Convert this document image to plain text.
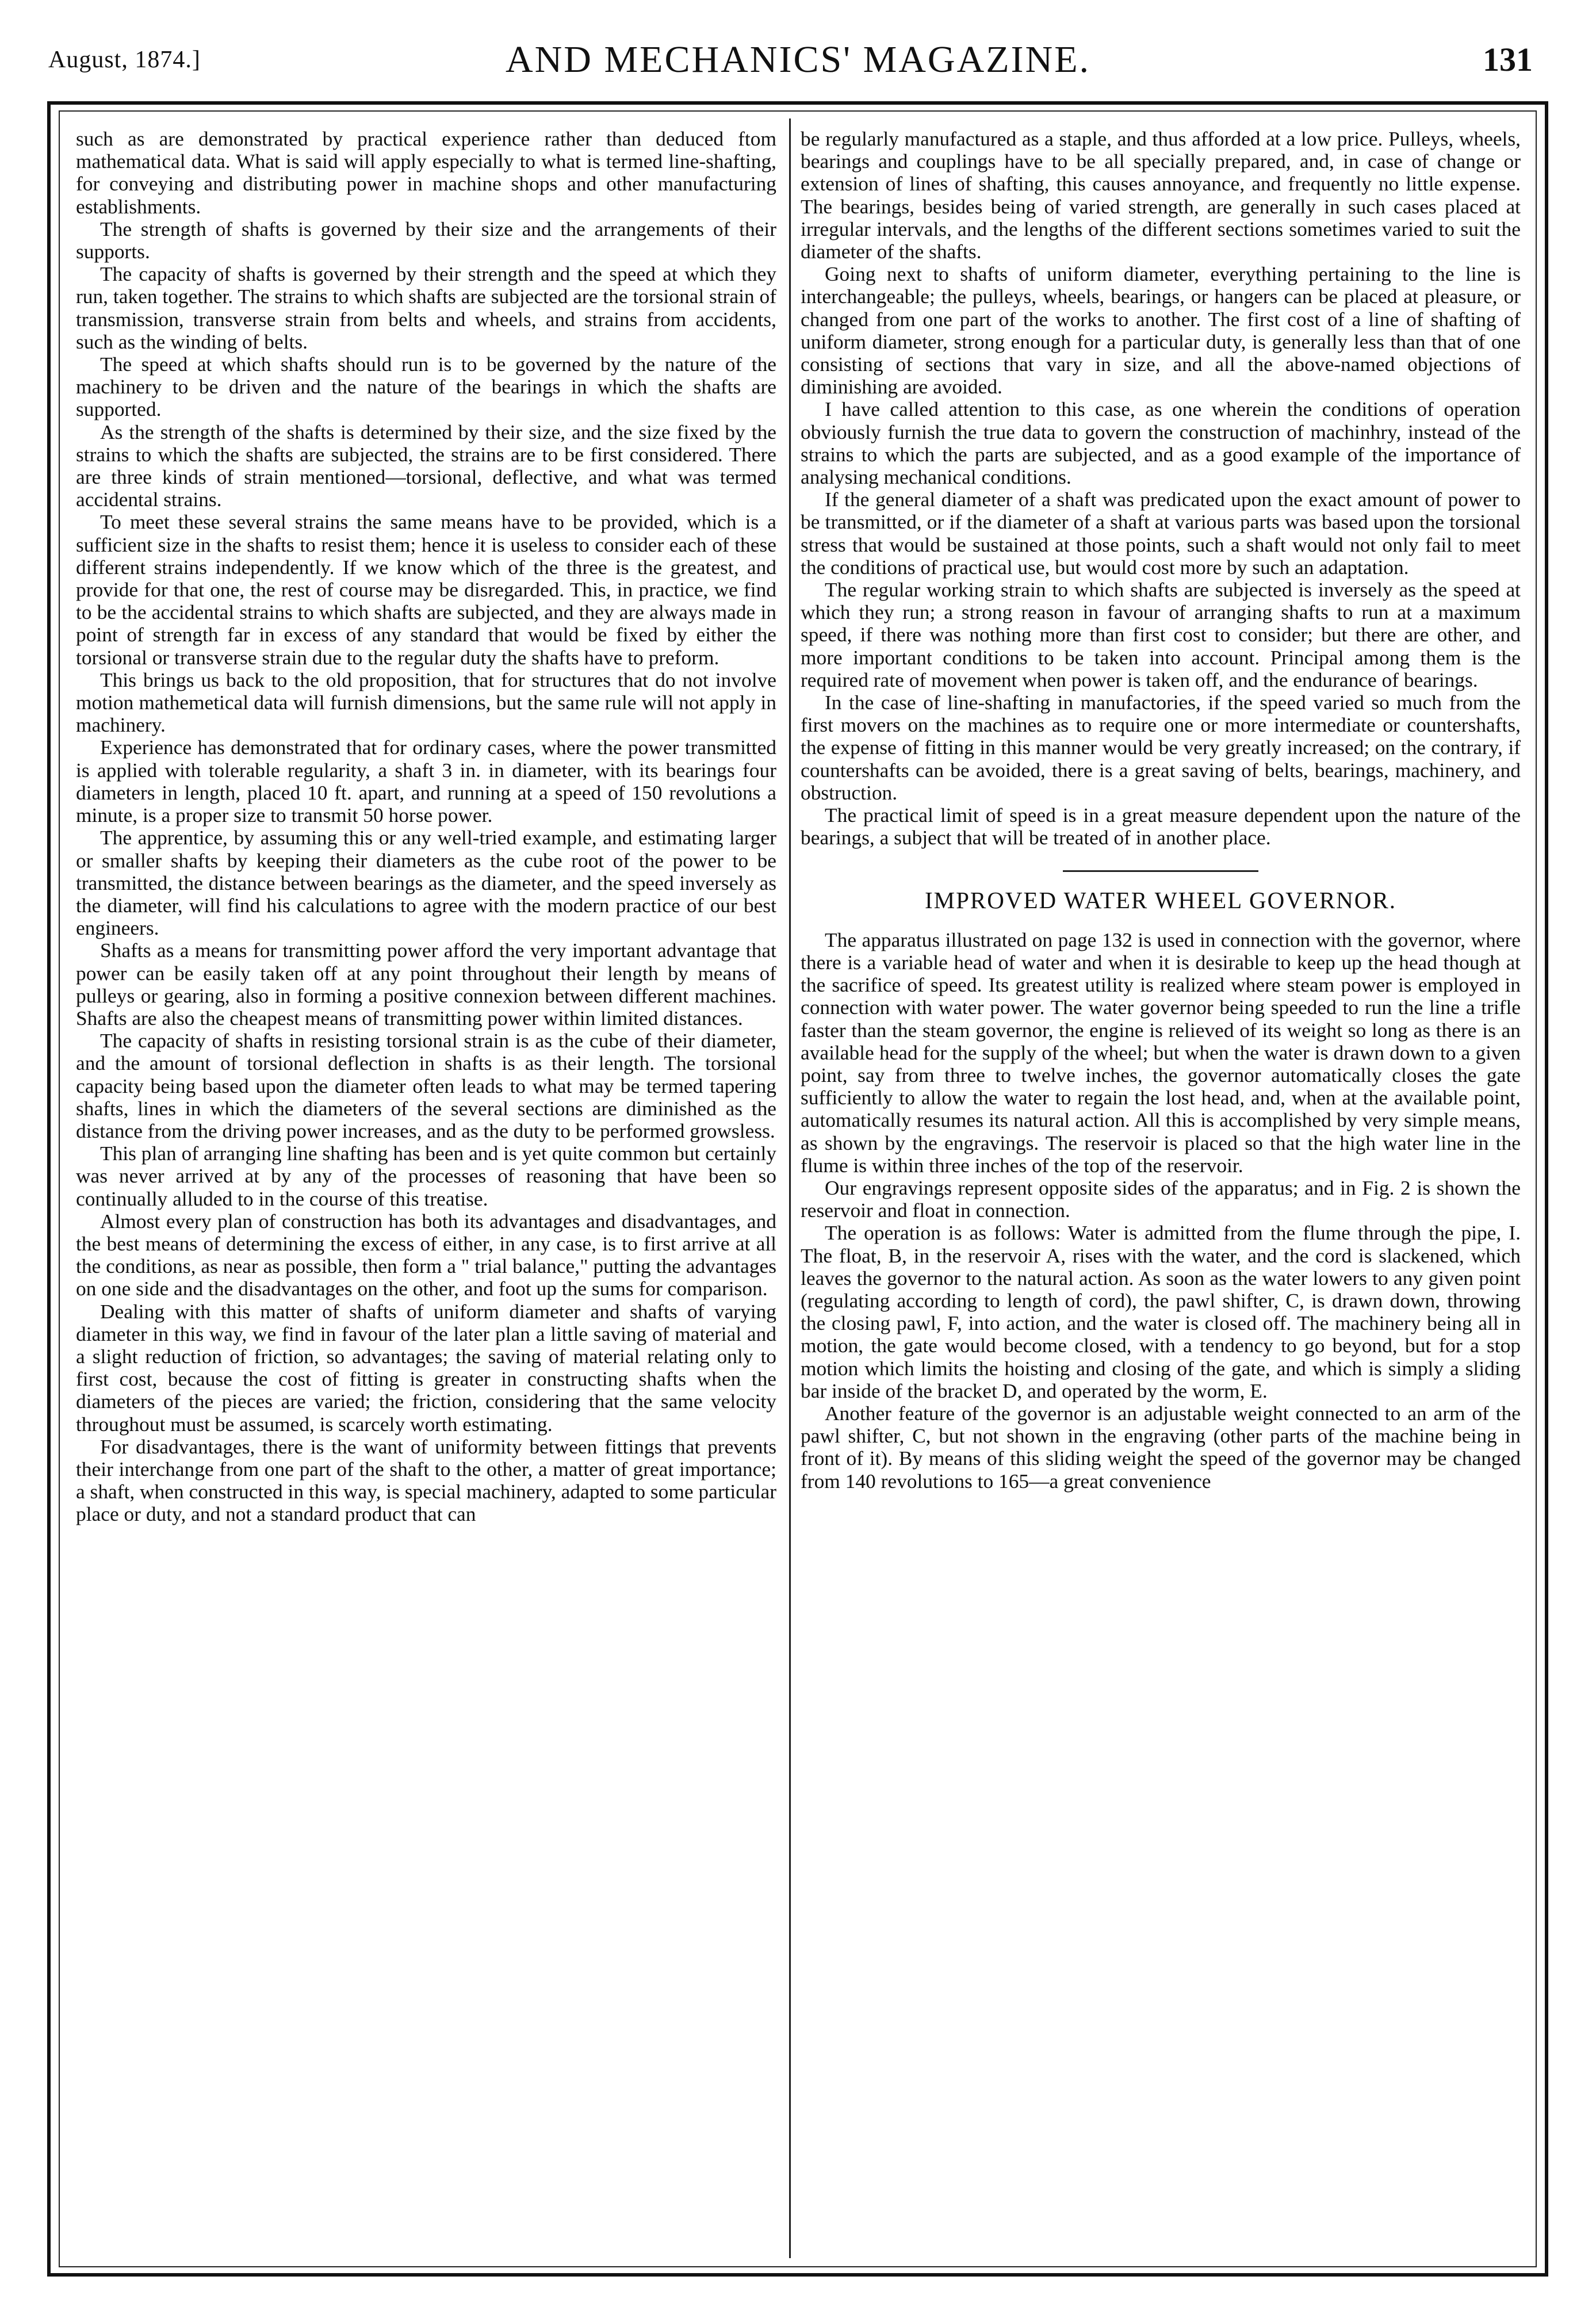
August, 1874.]	AND MECHANICS' MAGAZINE.	131

such as are demonstrated by practical experience rather than deduced ftom mathematical data. What is said will apply especially to what is termed line-shafting, for conveying and distributing power in machine shops and other manufacturing establishments.

The strength of shafts is governed by their size and the arrangements of their supports.

The capacity of shafts is governed by their strength and the speed at which they run, taken together. The strains to which shafts are subjected are the torsional strain of transmission, transverse strain from belts and wheels, and strains from accidents, such as the winding of belts.

The speed at which shafts should run is to be governed by the nature of the machinery to be driven and the nature of the bearings in which the shafts are supported.

As the strength of the shafts is determined by their size, and the size fixed by the strains to which the shafts are subjected, the strains are to be first considered. There are three kinds of strain mentioned—torsional, deflective, and what was termed accidental strains.

To meet these several strains the same means have to be provided, which is a sufficient size in the shafts to resist them; hence it is useless to consider each of these different strains independently. If we know which of the three is the greatest, and provide for that one, the rest of course may be disregarded. This, in practice, we find to be the accidental strains to which shafts are subjected, and they are always made in point of strength far in excess of any standard that would be fixed by either the torsional or transverse strain due to the regular duty the shafts have to preform.

This brings us back to the old proposition, that for structures that do not involve motion mathemetical data will furnish dimensions, but the same rule will not apply in machinery.

Experience has demonstrated that for ordinary cases, where the power transmitted is applied with tolerable regularity, a shaft 3 in. in diameter, with its bearings four diameters in length, placed 10 ft. apart, and running at a speed of 150 revolutions a minute, is a proper size to transmit 50 horse power.

The apprentice, by assuming this or any well-tried example, and estimating larger or smaller shafts by keeping their diameters as the cube root of the power to be transmitted, the distance between bearings as the diameter, and the speed inversely as the diameter, will find his calculations to agree with the modern practice of our best engineers.

Shafts as a means for transmitting power afford the very important advantage that power can be easily taken off at any point throughout their length by means of pulleys or gearing, also in forming a positive connexion between different machines. Shafts are also the cheapest means of transmitting power within limited distances.

The capacity of shafts in resisting torsional strain is as the cube of their diameter, and the amount of torsional deflection in shafts is as their length. The torsional capacity being based upon the diameter often leads to what may be termed tapering shafts, lines in which the diameters of the several sections are diminished as the distance from the driving power increases, and as the duty to be performed growsless.

This plan of arranging line shafting has been and is yet quite common but certainly was never arrived at by any of the processes of reasoning that have been so continually alluded to in the course of this treatise.

Almost every plan of construction has both its advantages and disadvantages, and the best means of determining the excess of either, in any case, is to first arrive at all the conditions, as near as possible, then form a " trial balance," putting the advantages on one side and the disadvantages on the other, and foot up the sums for comparison.

Dealing with this matter of shafts of uniform diameter and shafts of varying diameter in this way, we find in favour of the later plan a little saving of material and a slight reduction of friction, so advantages; the saving of material relating only to first cost, because the cost of fitting is greater in constructing shafts when the diameters of the pieces are varied; the friction, considering that the same velocity throughout must be assumed, is scarcely worth estimating.

For disadvantages, there is the want of uniformity between fittings that prevents their interchange from one part of the shaft to the other, a matter of great importance; a shaft, when constructed in this way, is special machinery, adapted to some particular place or duty, and not a standard product that can

be regularly manufactured as a staple, and thus afforded at a low price. Pulleys, wheels, bearings and couplings have to be all specially prepared, and, in case of change or extension of lines of shafting, this causes annoyance, and frequently no little expense. The bearings, besides being of varied strength, are generally in such cases placed at irregular intervals, and the lengths of the different sections sometimes varied to suit the diameter of the shafts.

Going next to shafts of uniform diameter, everything pertaining to the line is interchangeable; the pulleys, wheels, bearings, or hangers can be placed at pleasure, or changed from one part of the works to another. The first cost of a line of shafting of uniform diameter, strong enough for a particular duty, is generally less than that of one consisting of sections that vary in size, and all the above-named objections of diminishing are avoided.

I have called attention to this case, as one wherein the conditions of operation obviously furnish the true data to govern the construction of machinhry, instead of the strains to which the parts are subjected, and as a good example of the importance of analysing mechanical conditions.

If the general diameter of a shaft was predicated upon the exact amount of power to be transmitted, or if the diameter of a shaft at various parts was based upon the torsional stress that would be sustained at those points, such a shaft would not only fail to meet the conditions of practical use, but would cost more by such an adaptation.

The regular working strain to which shafts are subjected is inversely as the speed at which they run; a strong reason in favour of arranging shafts to run at a maximum speed, if there was nothing more than first cost to consider; but there are other, and more important conditions to be taken into account. Principal among them is the required rate of movement when power is taken off, and the endurance of bearings.

In the case of line-shafting in manufactories, if the speed varied so much from the first movers on the machines as to require one or more intermediate or countershafts, the expense of fitting in this manner would be very greatly increased; on the contrary, if countershafts can be avoided, there is a great saving of belts, bearings, machinery, and obstruction.

The practical limit of speed is in a great measure dependent upon the nature of the bearings, a subject that will be treated of in another place.

IMPROVED WATER WHEEL GOVERNOR.

The apparatus illustrated on page 132 is used in connection with the governor, where there is a variable head of water and when it is desirable to keep up the head though at the sacrifice of speed. Its greatest utility is realized where steam power is employed in connection with water power. The water governor being speeded to run the line a trifle faster than the steam governor, the engine is relieved of its weight so long as there is an available head for the supply of the wheel; but when the water is drawn down to a given point, say from three to twelve inches, the governor automatically closes the gate sufficiently to allow the water to regain the lost head, and, when at the available point, automatically resumes its natural action. All this is accomplished by very simple means, as shown by the engravings. The reservoir is placed so that the high water line in the flume is within three inches of the top of the reservoir.

Our engravings represent opposite sides of the apparatus; and in Fig. 2 is shown the reservoir and float in connection.

The operation is as follows: Water is admitted from the flume through the pipe, I. The float, B, in the reservoir A, rises with the water, and the cord is slackened, which leaves the governor to the natural action. As soon as the water lowers to any given point (regulating according to length of cord), the pawl shifter, C, is drawn down, throwing the closing pawl, F, into action, and the water is closed off. The machinery being all in motion, the gate would become closed, with a tendency to go beyond, but for a stop motion which limits the hoisting and closing of the gate, and which is simply a sliding bar inside of the bracket D, and operated by the worm, E.

Another feature of the governor is an adjustable weight connected to an arm of the pawl shifter, C, but not shown in the engraving (other parts of the machine being in front of it). By means of this sliding weight the speed of the governor may be changed from 140 revolutions to 165—a great convenience
